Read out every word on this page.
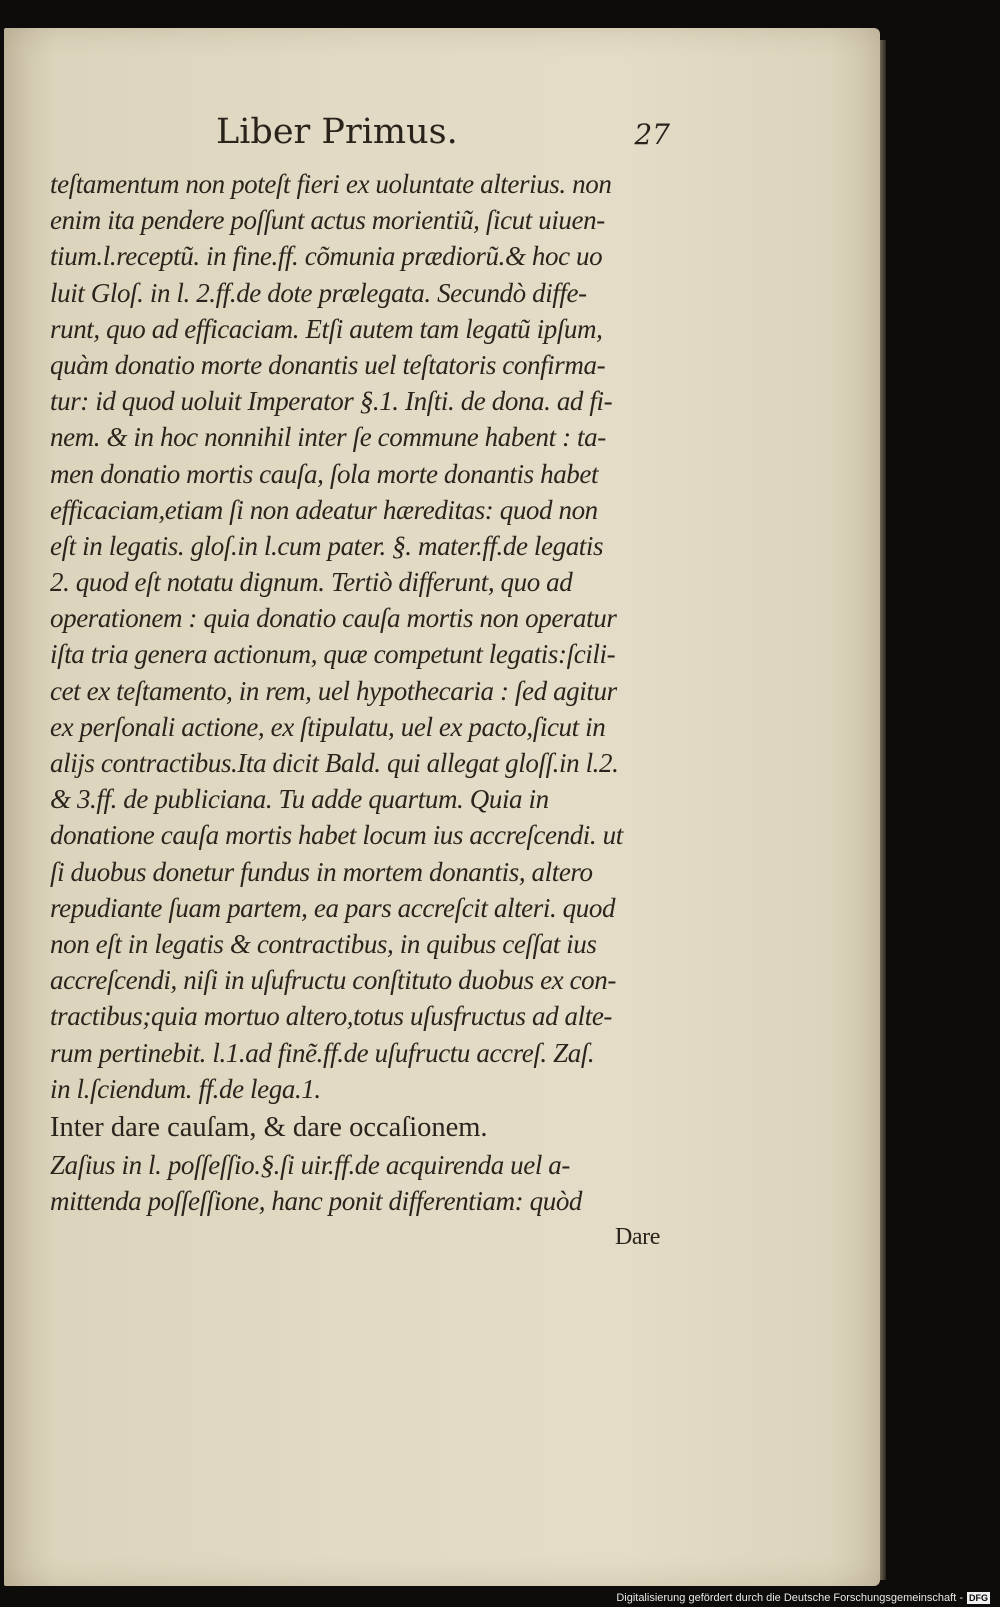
Liber Primus.	27
teſtamentum non poteſt fieri ex uoluntate alterius. non
enim ita pendere poſſunt actus morientiũ, ſicut uiuen-
tium.l.receptũ. in fine.ff. cõmunia prædiorũ.& hoc uo
luit Gloſ. in l. 2.ff.de dote prælegata. Secundò diffe-
runt, quo ad efficaciam. Etſi autem tam legatũ ipſum,
quàm donatio morte donantis uel teſtatoris confirma-
tur: id quod uoluit Imperator §.1. Inſti. de dona. ad fi-
nem. & in hoc nonnihil inter ſe commune habent : ta-
men donatio mortis cauſa, ſola morte donantis habet
efficaciam,etiam ſi non adeatur hæreditas: quod non
eſt in legatis. gloſ.in l.cum pater. §. mater.ff.de legatis
2. quod eſt notatu dignum. Tertiò differunt, quo ad
operationem : quia donatio cauſa mortis non operatur
iſta tria genera actionum, quæ competunt legatis:ſcili-
cet ex teſtamento, in rem, uel hypothecaria : ſed agitur
ex perſonali actione, ex ſtipulatu, uel ex pacto,ſicut in
alijs contractibus.Ita dicit Bald. qui allegat gloſſ.in l.2.
& 3.ff. de publiciana. Tu adde quartum. Quia in
donatione cauſa mortis habet locum ius accreſcendi. ut
ſi duobus donetur fundus in mortem donantis, altero
repudiante ſuam partem, ea pars accreſcit alteri. quod
non eſt in legatis & contractibus, in quibus ceſſat ius
accreſcendi, niſi in uſufructu conſtituto duobus ex con-
tractibus;quia mortuo altero,totus uſusfructus ad alte-
rum pertinebit. l.1.ad finẽ.ff.de uſufructu accreſ. Zaſ.
in l.ſciendum. ff.de lega.1.
Inter dare cauſam, & dare occaſionem.
Zaſius in l. poſſeſſio.§.ſi uir.ff.de acquirenda uel a-
mittenda poſſeſſione, hanc ponit differentiam: quòd
Dare
Digitalisierung gefördert durch die Deutsche Forschungsgemeinschaft - DFG
